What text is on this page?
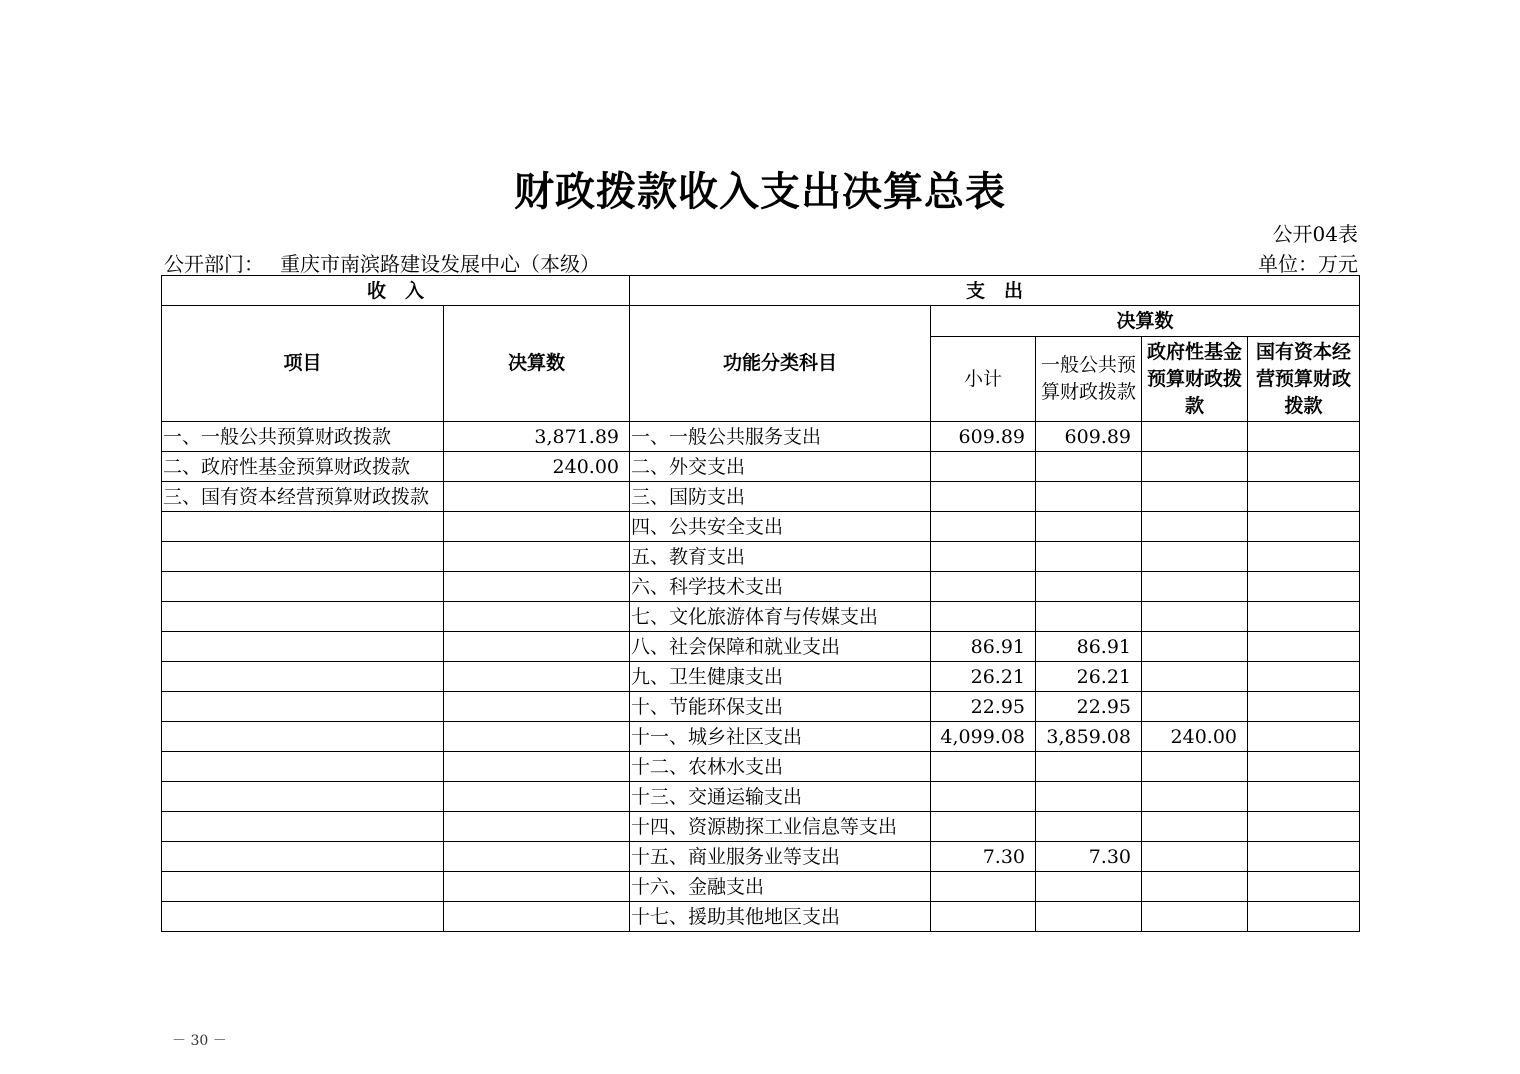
财政拨款收入支出决算总表
公开04表
公开部门： 重庆市南滨路建设发展中心（本级）	单位：万元
收　入		支　出				
项目	决算数	功能分类科目	决算数			
			小计	一般公共预算财政拨款	政府性基金预算财政拨款	国有资本经营预算财政拨款
一、一般公共预算财政拨款	3,871.89	一、一般公共服务支出	609.89	609.89		
二、政府性基金预算财政拨款	240.00	二、外交支出				
三、国有资本经营预算财政拨款		三、国防支出				
		四、公共安全支出				
		五、教育支出				
		六、科学技术支出				
		七、文化旅游体育与传媒支出				
		八、社会保障和就业支出	86.91	86.91		
		九、卫生健康支出	26.21	26.21		
		十、节能环保支出	22.95	22.95		
		十一、城乡社区支出	4,099.08	3,859.08	240.00	
		十二、农林水支出				
		十三、交通运输支出				
		十四、资源勘探工业信息等支出				
		十五、商业服务业等支出	7.30	7.30		
		十六、金融支出				
		十七、援助其他地区支出				
－ 30 －
